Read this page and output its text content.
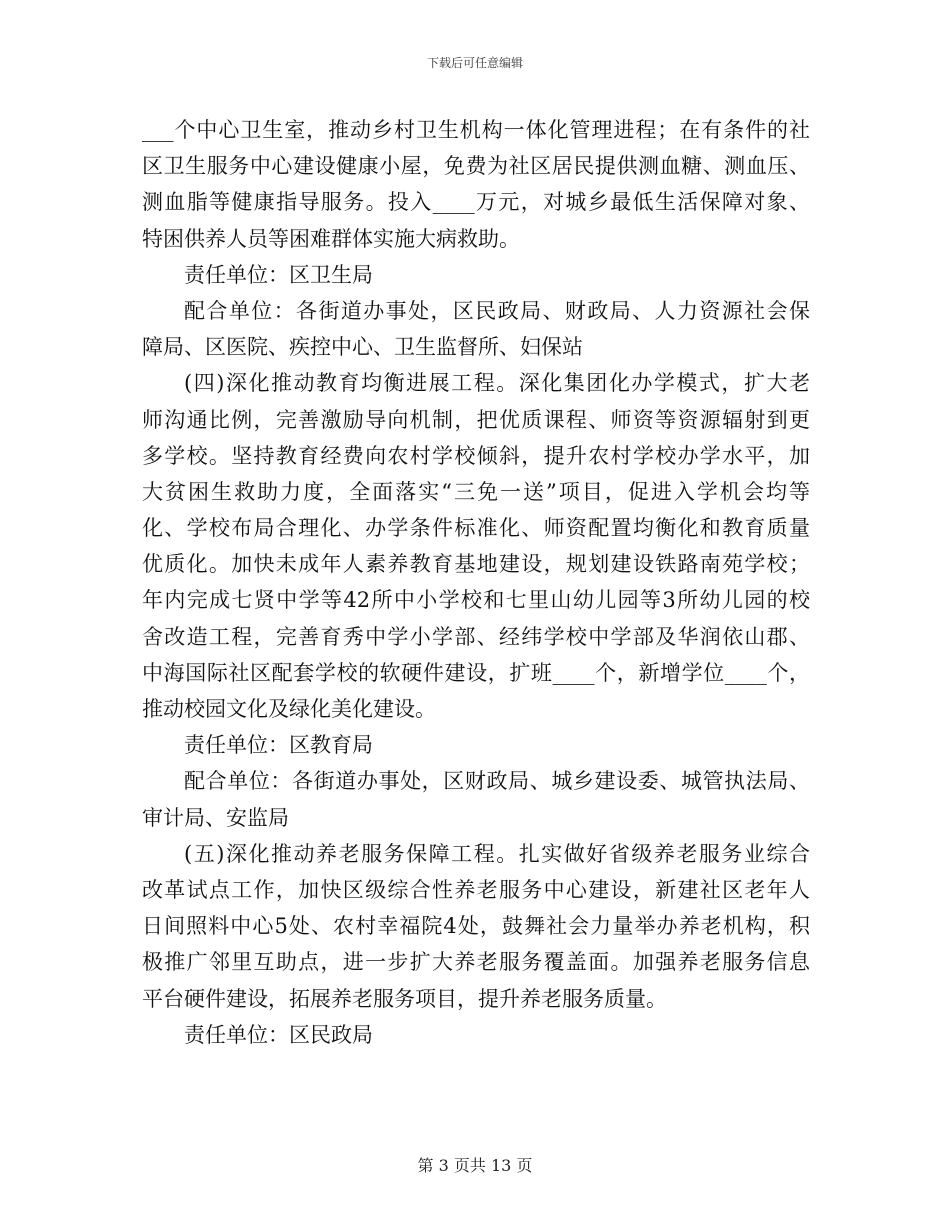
下载后可任意编辑
___个中心卫生室，推动乡村卫生机构一体化管理进程；在有条件的社
区卫生服务中心建设健康小屋，免费为社区居民提供测血糖、测血压、
测血脂等健康指导服务。投入____万元，对城乡最低生活保障对象、
特困供养人员等困难群体实施大病救助。
责任单位：区卫生局
配合单位：各街道办事处，区民政局、财政局、人力资源社会保
障局、区医院、疾控中心、卫生监督所、妇保站
(四)深化推动教育均衡进展工程。深化集团化办学模式，扩大老
师沟通比例，完善激励导向机制，把优质课程、师资等资源辐射到更
多学校。坚持教育经费向农村学校倾斜，提升农村学校办学水平，加
大贫困生救助力度，全面落实“三免一送”项目，促进入学机会均等
化、学校布局合理化、办学条件标准化、师资配置均衡化和教育质量
优质化。加快未成年人素养教育基地建设，规划建设铁路南苑学校；
年内完成七贤中学等42所中小学校和七里山幼儿园等3所幼儿园的校
舍改造工程，完善育秀中学小学部、经纬学校中学部及华润依山郡、
中海国际社区配套学校的软硬件建设，扩班____个，新增学位____个，
推动校园文化及绿化美化建设。
责任单位：区教育局
配合单位：各街道办事处，区财政局、城乡建设委、城管执法局、
审计局、安监局
(五)深化推动养老服务保障工程。扎实做好省级养老服务业综合
改革试点工作，加快区级综合性养老服务中心建设，新建社区老年人
日间照料中心5处、农村幸福院4处，鼓舞社会力量举办养老机构，积
极推广邻里互助点，进一步扩大养老服务覆盖面。加强养老服务信息
平台硬件建设，拓展养老服务项目，提升养老服务质量。
责任单位：区民政局
第 3 页共 13 页
